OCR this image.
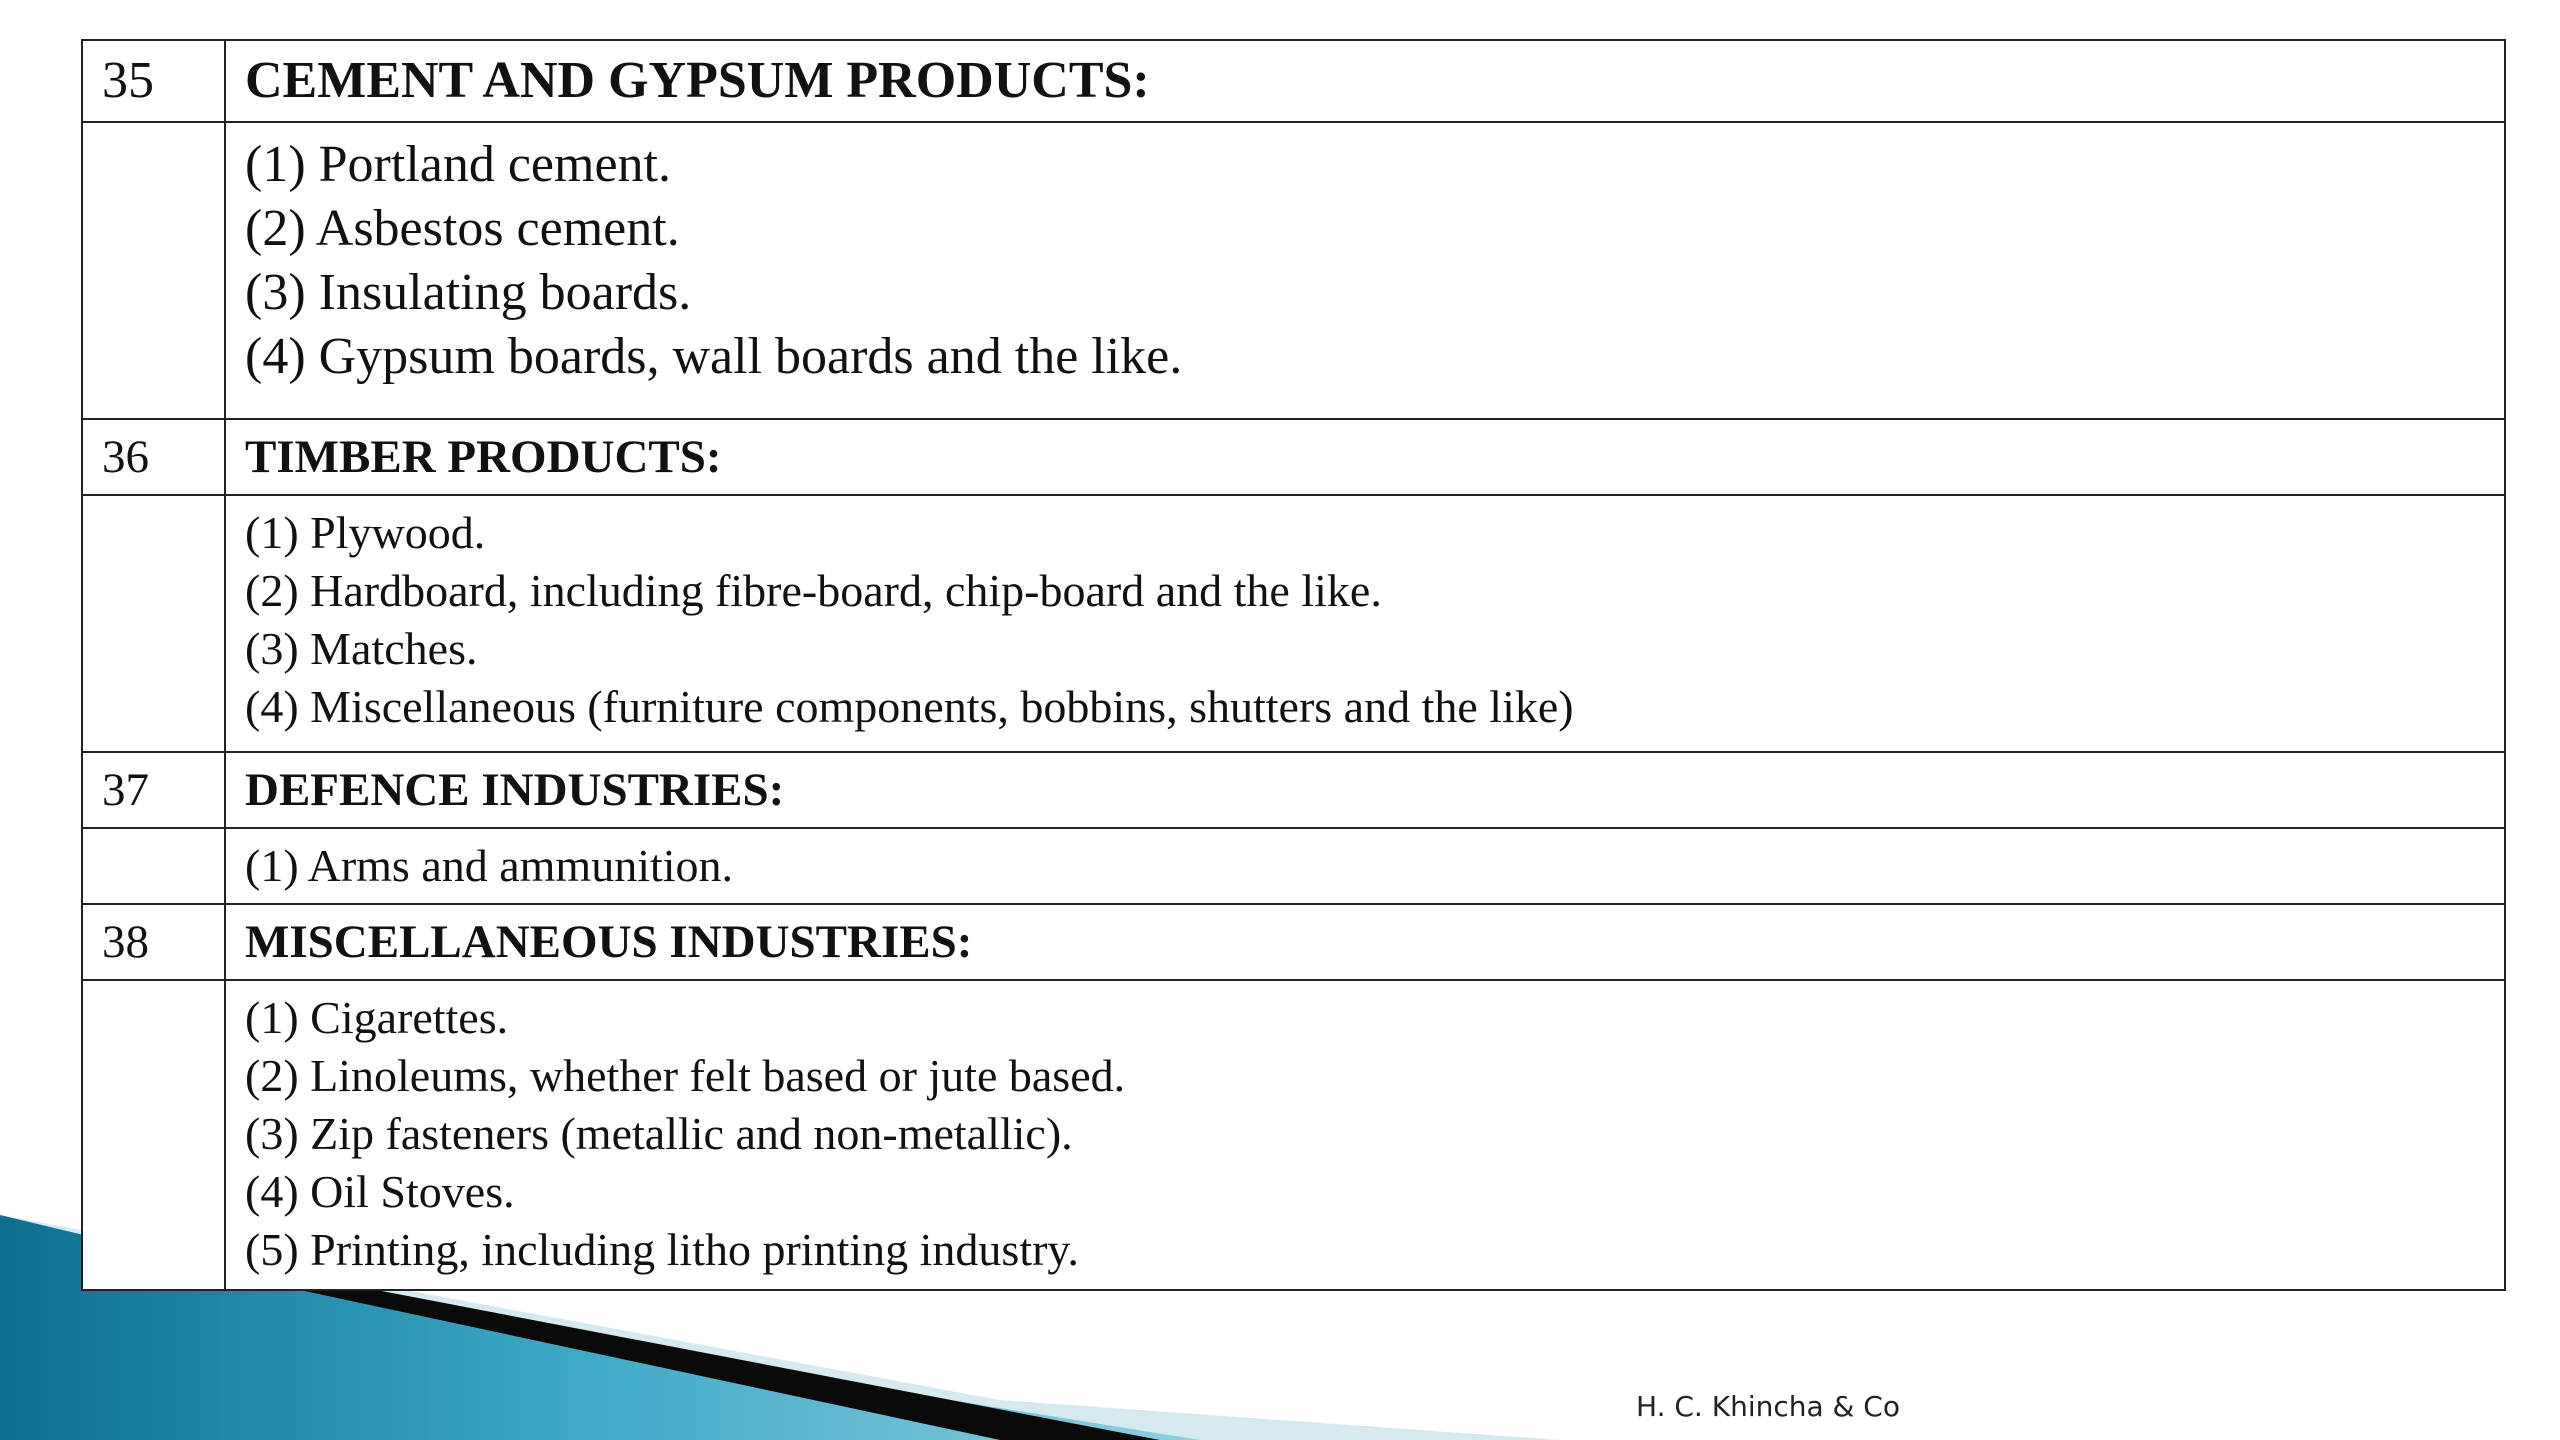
35	CEMENT AND GYPSUM PRODUCTS:

	(1) Portland cement.
(2) Asbestos cement.
(3) Insulating boards.
(4) Gypsum boards, wall boards and the like.

36	TIMBER PRODUCTS:

	(1) Plywood.
(2) Hardboard, including fibre-board, chip-board and the like.
(3) Matches.
(4) Miscellaneous (furniture components, bobbins, shutters and the like)

37	DEFENCE INDUSTRIES:

	(1) Arms and ammunition.

38	MISCELLANEOUS INDUSTRIES:

	(1) Cigarettes.
(2) Linoleums, whether felt based or jute based.
(3) Zip fasteners (metallic and non-metallic).
(4) Oil Stoves.
(5) Printing, including litho printing industry.
H. C. Khincha & Co
